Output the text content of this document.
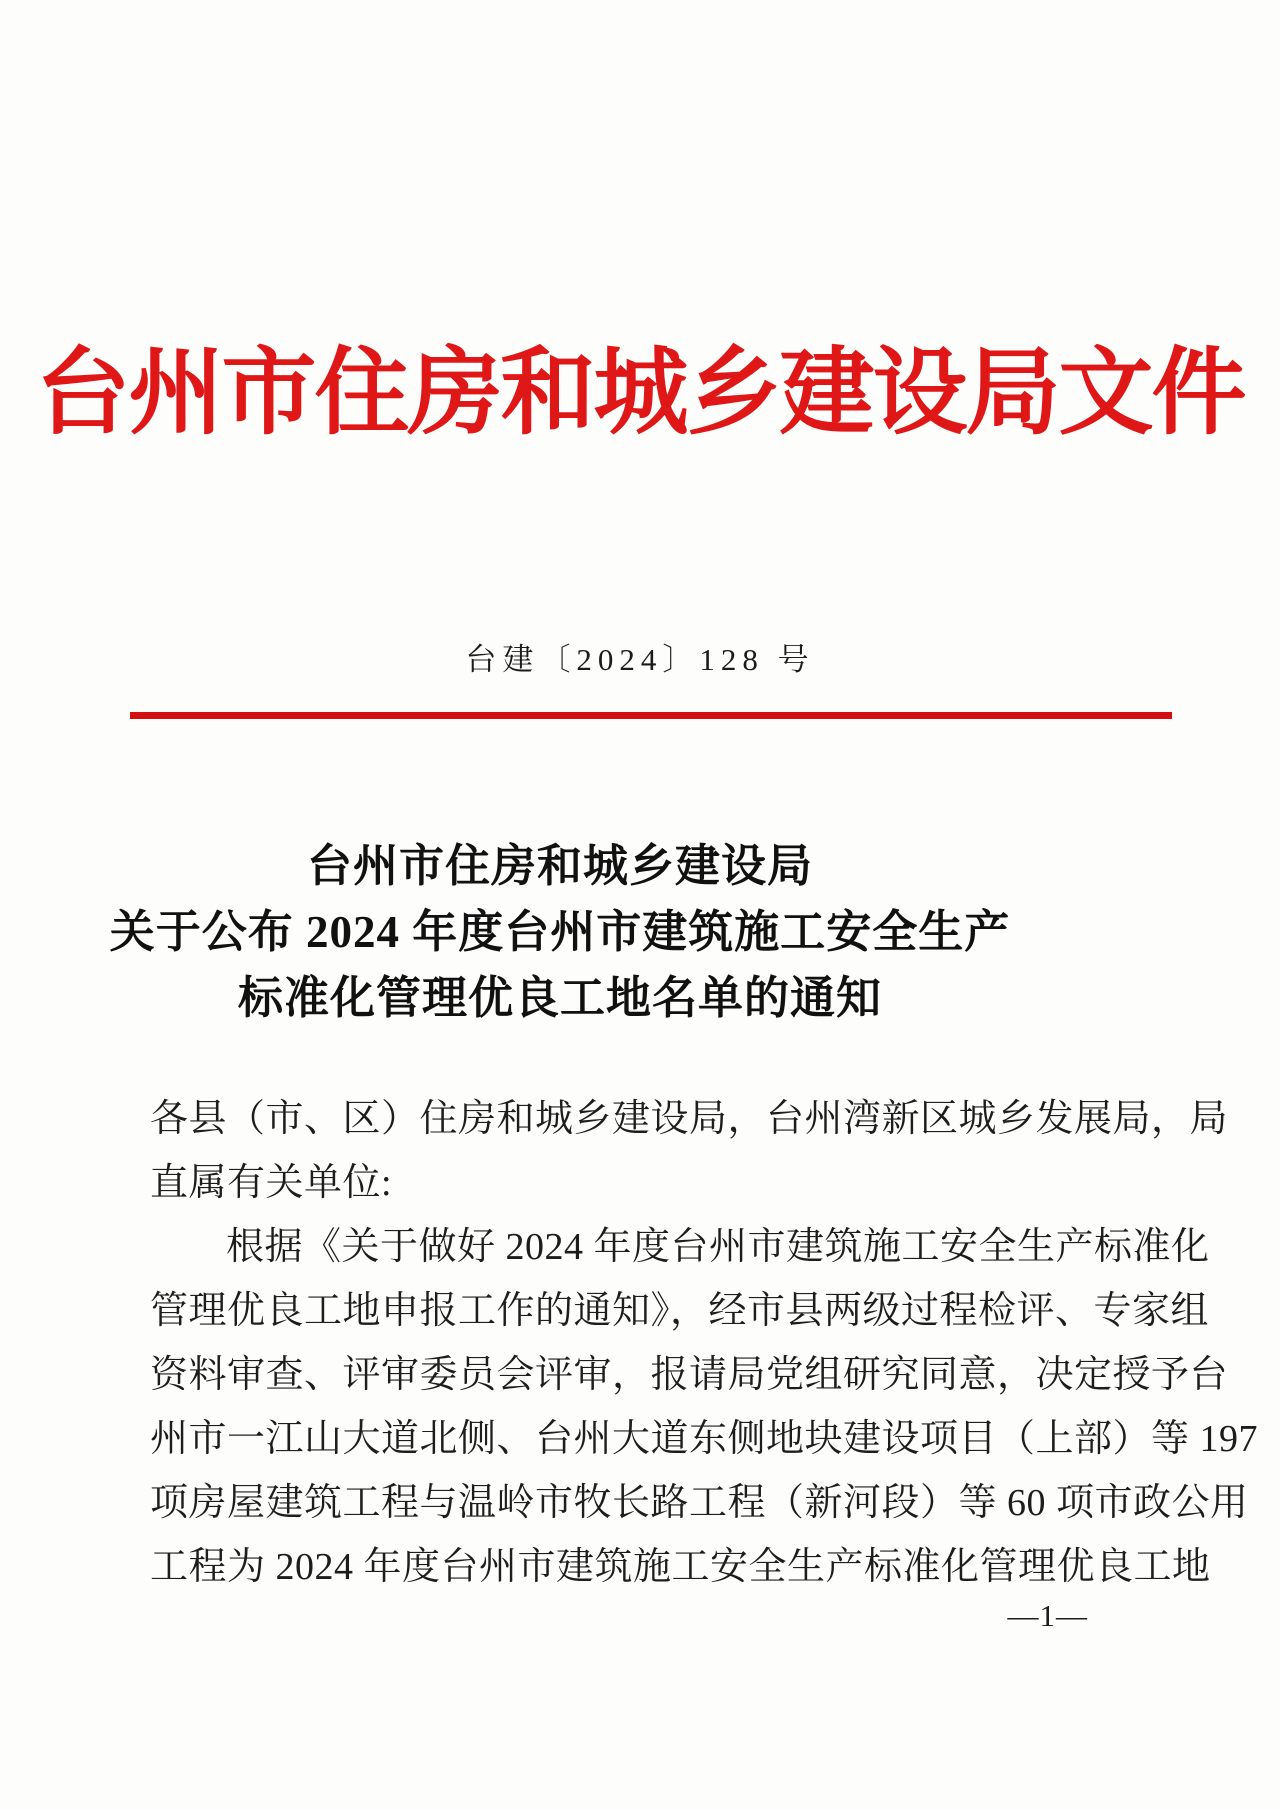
台州市住房和城乡建设局文件
台建〔2024〕128 号
台州市住房和城乡建设局
关于公布 2024 年度台州市建筑施工安全生产
标准化管理优良工地名单的通知
各县（市、区）住房和城乡建设局，台州湾新区城乡发展局，局
直属有关单位:
根据《关于做好 2024 年度台州市建筑施工安全生产标准化
管理优良工地申报工作的通知》，经市县两级过程检评、专家组
资料审查、评审委员会评审，报请局党组研究同意，决定授予台
州市一江山大道北侧、台州大道东侧地块建设项目（上部）等 197
项房屋建筑工程与温岭市牧长路工程（新河段）等 60 项市政公用
工程为 2024 年度台州市建筑施工安全生产标准化管理优良工地
—1—
